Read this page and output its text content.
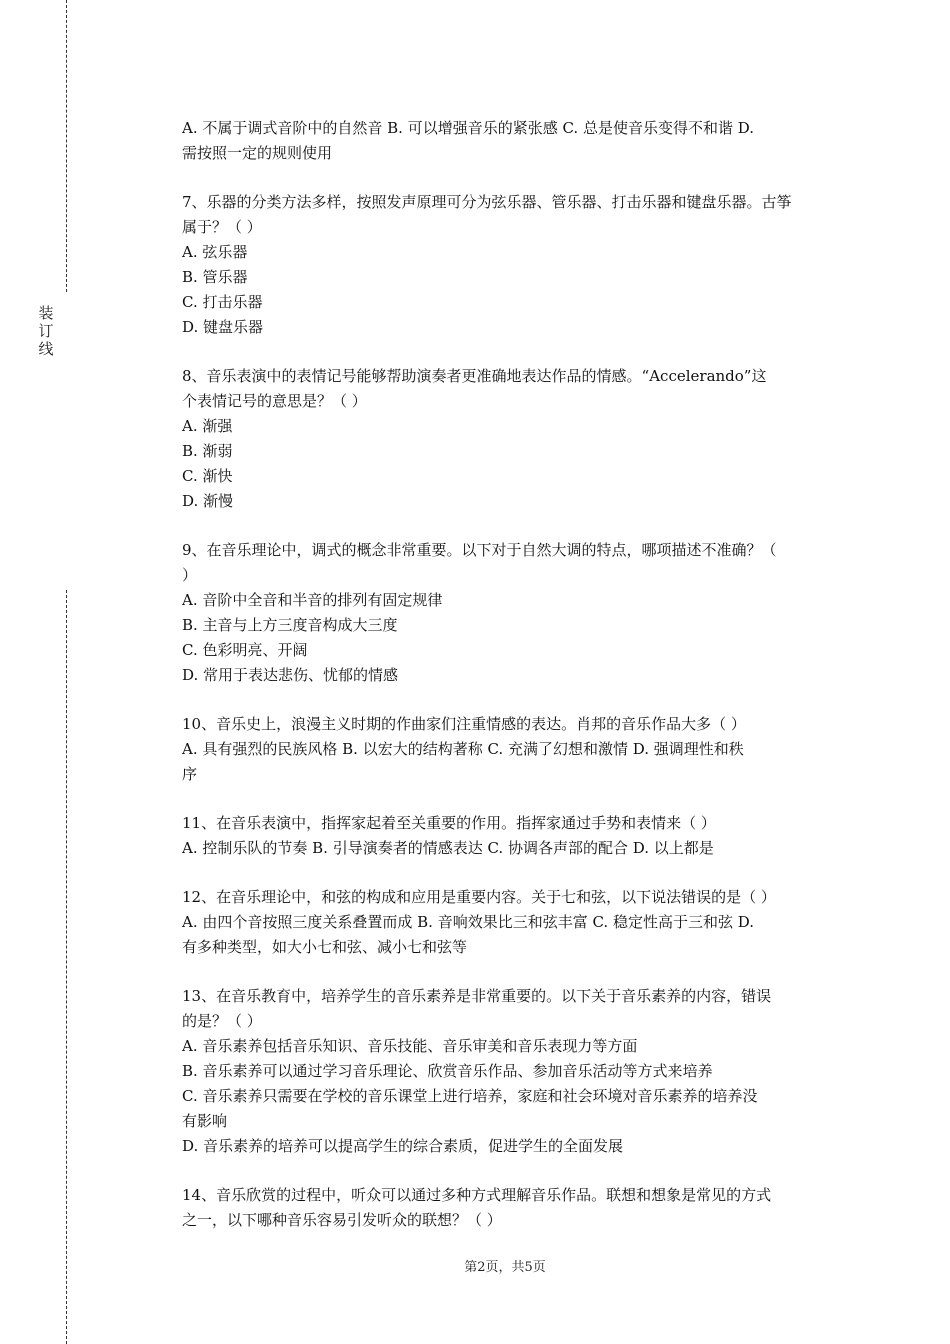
装
订
线
A. 不属于调式音阶中的自然音 B. 可以增强音乐的紧张感 C. 总是使音乐变得不和谐 D.
需按照一定的规则使用
7、乐器的分类方法多样，按照发声原理可分为弦乐器、管乐器、打击乐器和键盘乐器。古筝
属于？（ ）
A. 弦乐器
B. 管乐器
C. 打击乐器
D. 键盘乐器
8、音乐表演中的表情记号能够帮助演奏者更准确地表达作品的情感。“Accelerando”这
个表情记号的意思是？（ ）
A. 渐强
B. 渐弱
C. 渐快
D. 渐慢
9、在音乐理论中，调式的概念非常重要。以下对于自然大调的特点，哪项描述不准确？（
）
A. 音阶中全音和半音的排列有固定规律
B. 主音与上方三度音构成大三度
C. 色彩明亮、开阔
D. 常用于表达悲伤、忧郁的情感
10、音乐史上，浪漫主义时期的作曲家们注重情感的表达。肖邦的音乐作品大多（ ）
A. 具有强烈的民族风格 B. 以宏大的结构著称 C. 充满了幻想和激情 D. 强调理性和秩
序
11、在音乐表演中，指挥家起着至关重要的作用。指挥家通过手势和表情来（ ）
A. 控制乐队的节奏 B. 引导演奏者的情感表达 C. 协调各声部的配合 D. 以上都是
12、在音乐理论中，和弦的构成和应用是重要内容。关于七和弦，以下说法错误的是（ ）
A. 由四个音按照三度关系叠置而成 B. 音响效果比三和弦丰富 C. 稳定性高于三和弦 D.
有多种类型，如大小七和弦、减小七和弦等
13、在音乐教育中，培养学生的音乐素养是非常重要的。以下关于音乐素养的内容，错误
的是？（ ）
A. 音乐素养包括音乐知识、音乐技能、音乐审美和音乐表现力等方面
B. 音乐素养可以通过学习音乐理论、欣赏音乐作品、参加音乐活动等方式来培养
C. 音乐素养只需要在学校的音乐课堂上进行培养，家庭和社会环境对音乐素养的培养没
有影响
D. 音乐素养的培养可以提高学生的综合素质，促进学生的全面发展
14、音乐欣赏的过程中，听众可以通过多种方式理解音乐作品。联想和想象是常见的方式
之一，以下哪种音乐容易引发听众的联想？（ ）
第2页，共5页
